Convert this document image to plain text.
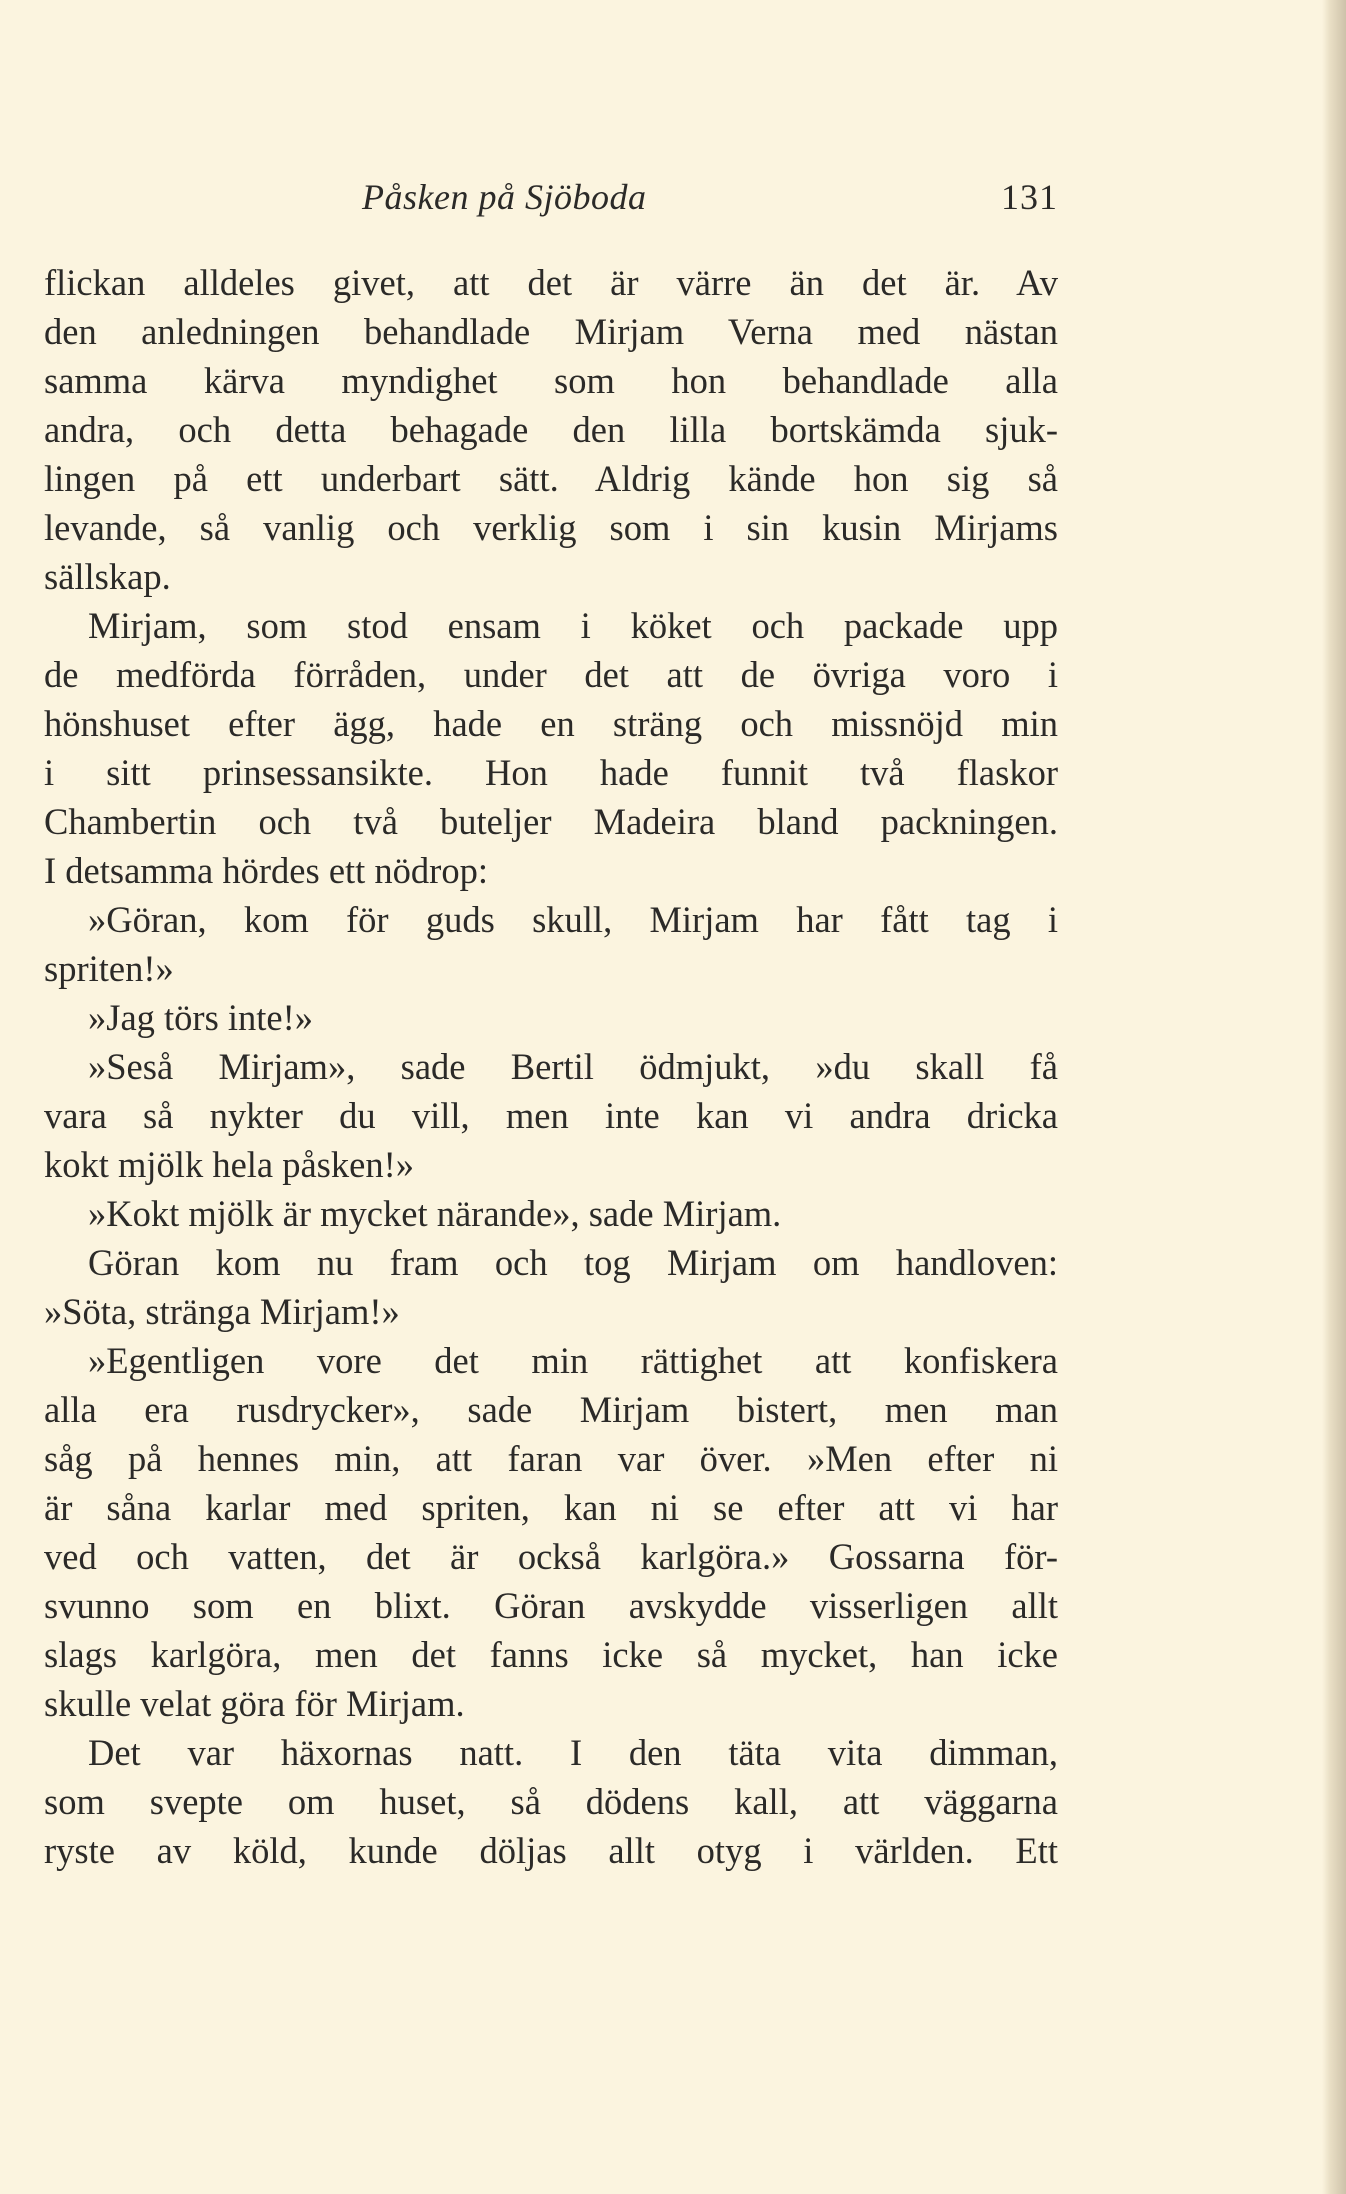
Påsken på Sjöboda	131
flickan alldeles givet, att det är värre än det är. Av
den anledningen behandlade Mirjam Verna med nästan
samma kärva myndighet som hon behandlade alla
andra, och detta behagade den lilla bortskämda sjuk-
lingen på ett underbart sätt. Aldrig kände hon sig så
levande, så vanlig och verklig som i sin kusin Mirjams
sällskap.
Mirjam, som stod ensam i köket och packade upp
de medförda förråden, under det att de övriga voro i
hönshuset efter ägg, hade en sträng och missnöjd min
i sitt prinsessansikte. Hon hade funnit två flaskor
Chambertin och två buteljer Madeira bland packningen.
I detsamma hördes ett nödrop:
»Göran, kom för guds skull, Mirjam har fått tag i
spriten!»
»Jag törs inte!»
»Seså Mirjam», sade Bertil ödmjukt, »du skall få
vara så nykter du vill, men inte kan vi andra dricka
kokt mjölk hela påsken!»
»Kokt mjölk är mycket närande», sade Mirjam.
Göran kom nu fram och tog Mirjam om handloven:
»Söta, stränga Mirjam!»
»Egentligen vore det min rättighet att konfiskera
alla era rusdrycker», sade Mirjam bistert, men man
såg på hennes min, att faran var över. »Men efter ni
är såna karlar med spriten, kan ni se efter att vi har
ved och vatten, det är också karlgöra.» Gossarna för-
svunno som en blixt. Göran avskydde visserligen allt
slags karlgöra, men det fanns icke så mycket, han icke
skulle velat göra för Mirjam.
Det var häxornas natt. I den täta vita dimman,
som svepte om huset, så dödens kall, att väggarna
ryste av köld, kunde döljas allt otyg i världen. Ett
